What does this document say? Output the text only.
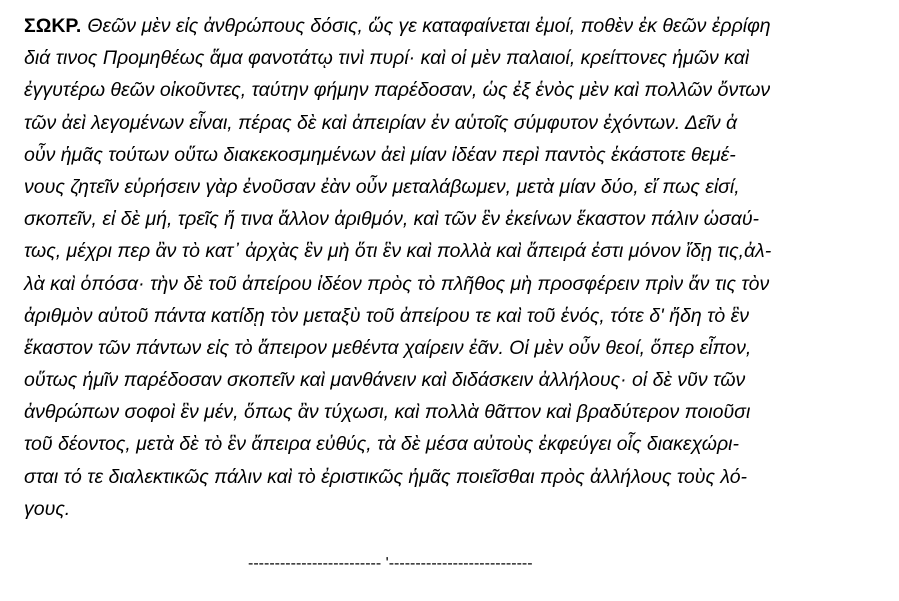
ΣΩΚΡ. Θεῶν μὲν εἰς ἀνθρώπους δόσις, ὥς γε καταφαίνεται ἐμοί, ποθὲν ἐκ θεῶν ἐρρίφη
διά τινος Προμηθέως ἅμα φανοτάτῳ τινὶ πυρί· καὶ οἱ μὲν παλαιοί, κρείττονες ἡμῶν καὶ
ἐγγυτέρω θεῶν οἰκοῦντες, ταύτην φήμην παρέδοσαν, ὡς ἐξ ἑνὸς μὲν καὶ πολλῶν ὄντων
τῶν ἀεὶ λεγομένων εἶναι, πέρας δὲ καὶ ἀπειρίαν ἐν αὑτοῖς σύμφυτον ἐχόντων. Δεῖν ἀ
οὖν ἡμᾶς τούτων οὕτω διακεκοσμημένων ἀεὶ μίαν ἰδέαν περὶ παντὸς ἑκάστοτε θεμέ-
νους ζητεῖν εὑρήσειν γὰρ ἐνοῦσαν ἐὰν οὖν μεταλάβωμεν, μετὰ μίαν δύο, εἴ πως εἰσί,
σκοπεῖν, εἰ δὲ μή, τρεῖς ἤ τινα ἄλλον ἀριθμόν, καὶ τῶν ἓν ἐκείνων ἕκαστον πάλιν ὡσαύ-
τως, μέχρι περ ἂν τὸ κατ᾽ ἀρχὰς ἓν μὴ ὅτι ἓν καὶ πολλὰ καὶ ἄπειρά ἐστι μόνον ἴδῃ τις,ἀλ-
λὰ καὶ ὁπόσα· τὴν δὲ τοῦ ἀπείρου ἰδέον πρὸς τὸ πλῆθος μὴ προσφέρειν πρὶν ἄν τις τὸν
ἀριθμὸν αὐτοῦ πάντα κατίδῃ τὸν μεταξὺ τοῦ ἀπείρου τε καὶ τοῦ ἑνός, τότε δ' ἤδη τὸ ἓν
ἕκαστον τῶν πάντων εἰς τὸ ἄπειρον μεθέντα χαίρειν ἐᾶν. Οἱ μὲν οὖν θεοί, ὅπερ εἶπον,
οὕτως ἡμῖν παρέδοσαν σκοπεῖν καὶ μανθάνειν καὶ διδάσκειν ἀλλήλους· οἱ δὲ νῦν τῶν
ἀνθρώπων σοφοὶ ἓν μέν, ὅπως ἂν τύχωσι, καὶ πολλὰ θᾶττον καὶ βραδύτερον ποιοῦσι
τοῦ δέοντος, μετὰ δὲ τὸ ἓν ἄπειρα εὐθύς, τὰ δὲ μέσα αὐτοὺς ἐκφεύγει οἷς διακεχώρι-
σται τό τε διαλεκτικῶς πάλιν καὶ τὸ ἐριστικῶς ἡμᾶς ποιεῖσθαι πρὸς ἀλλήλους τοὺς λό-
γους.
------------------------- ʹ---------------------------
